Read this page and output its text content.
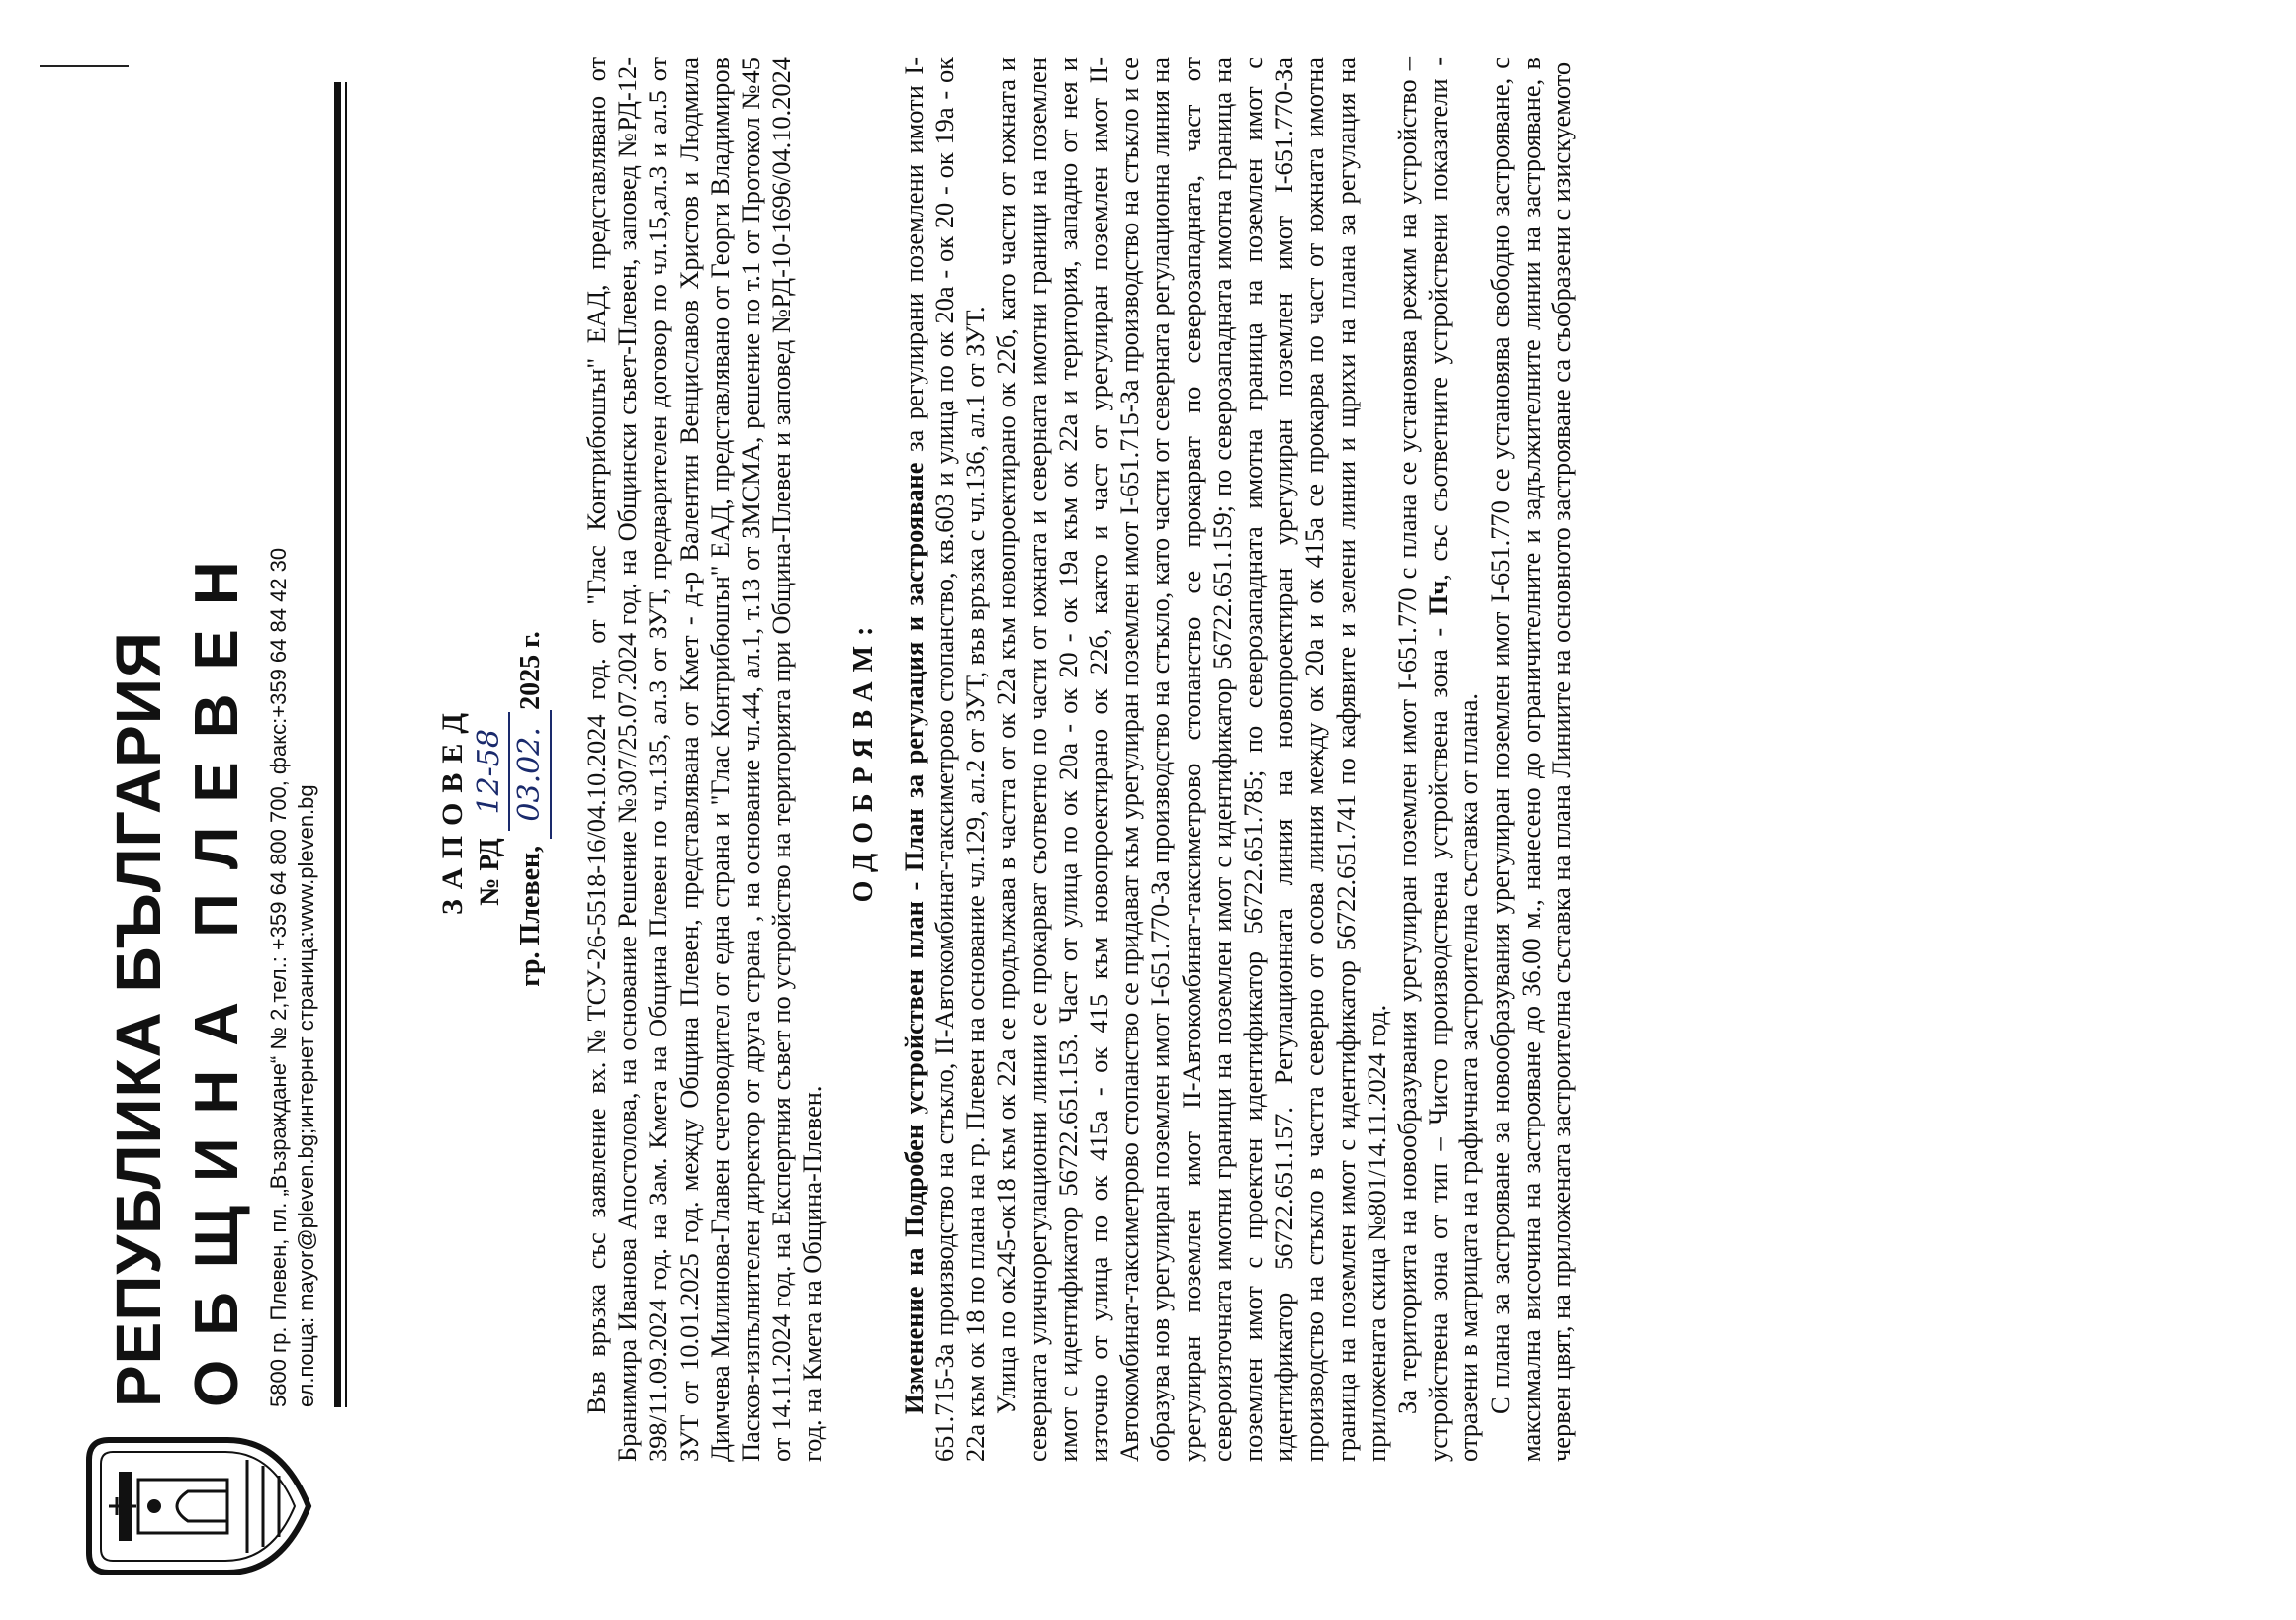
РЕПУБЛИКА БЪЛГАРИЯ ОБЩИНА ПЛЕВЕН 5800 гр. Плевен, пл. „Възраждане“ № 2,тел.: +359 64 800 700, факс:+359 64 84 42 30 ел.поща: mayor@pleven.bg;интернет страница:www.pleven.bg	ЗАПОВЕД № РД 12-58
гр. Плевен, 03.02.2025 г. Във връзка със заявление вх.№ТСУ-26-5518-16/04.10.2024 год. от "Глас Контрибюшън" ЕАД, представлявано от Бранимира Иванова Апостолова, на основание Решение №307/25.07.2024 год. на Общински съвет-Плевен, заповед №РД-12-398/11.09.2024 год. на Зам. Кмета на Община Плевен по чл.135, ал.3 от ЗУТ, предварителен договор по чл.15,ал.3 и ал.5 от ЗУТ от 10.01.2025 год. между Община Плевен, представлявана от Кмет - д-р Валентин Венциславов Христов и Людмила Димчева Милинова-Главен счетоводител от една страна и "Глас Контрибюшън" ЕАД, представлявано от Георги Владимиров Пасков-изпълнителен директор от друга страна , на основание чл.44, ал.1, т.13 от ЗМСМА, решение по т.1 от Протокол №45 от 14.11.2024 год. на Експертния съвет по устройство на територията при Община-Плевен и заповед №РД-10-1696/04.10.2024 год. на Кмета на Община-Плевен.

ОДОБРЯВАМ: Изменение на Подробен устройствен план - План за регулация и застрояване за регулирани поземлени имоти I-651.715-За производство на стъкло, II-Автокомбинат-таксиметрово стопанство, кв.603 и улица по ок 20а - ок 20 - ок 19а - ок 22а към ок 18 по плана на гр. Плевен на основание чл.129, ал.2 от ЗУТ, във връзка с чл.136, ал.1 от ЗУТ. Улица по ок245-ок18 към ок 22а се продължава в частта от ок 22а към новопроектирано ок 22б, като части от южната и северната уличнорегулационни линии се прокарват съответно по части от южната и северната имотни граници на поземлен имот с идентификатор 56722.651.153. Част от улица по ок 20а - ок 20 - ок 19а към ок 22а и територия, западно от нея и източно от улица по ок 415а - ок 415 към новопроектирано ок 22б, както и част от урегулиран поземлен имот II-Автокомбинат-таксиметрово стопанство се придават към урегулиран поземлен имот I-651.715-За производство на стъкло и се образува нов урегулиран поземлен имот I-651.770-За производство на стъкло, като части от северната регулационна линия на урегулиран поземлен имот II-Автокомбинат-таксиметрово стопанство се прокарват по северозападната, част от североизточната имотни граници на поземлен имот с идентификатор 56722.651.159; по северозападната имотна граница на поземлен имот с проектен идентификатор 56722.651.785; по северозападната имотна граница на поземлен имот с идентификатор 56722.651.157. Регулационната линия на новопроектиран урегулиран поземлен имот I-651.770-За производство на стъкло в частта северно от осова линия между ок 20а и ок 415а се прокарва по част от южната имотна граница на поземлен имот с идентификатор 56722.651.741 по кафявите и зелени линии и щрихи на плана за регулация на приложената скица №801/14.11.2024 год. За територията на новообразувания урегулиран поземлен имот I-651.770 с плана се установява режим на устройство – устройствена зона от тип – Чисто производствена устройствена зона - Пч, със съответните устройствени показатели - отразени в матрицата на графичната застроителна съставка от плана. С плана за застрояване за новообразувания урегулиран поземлен имот I-651.770 се установява свободно застрояване, с максимална височина на застрояване до 36.00 м., нанесено до ограничителните и задължителните линии на застрояване, в червен цвят, на приложената застроителна съставка на плана Линиите на основното застрояване са съобразени с изискуемото
